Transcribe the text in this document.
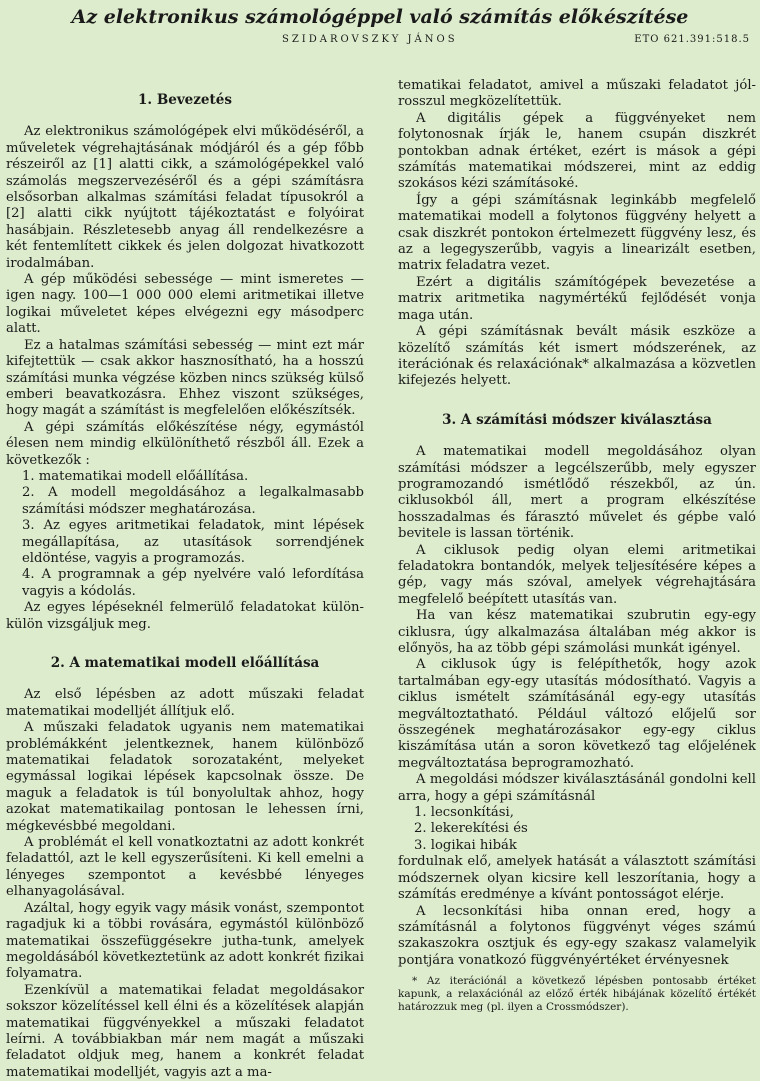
Az elektronikus számológéppel való számítás előkészítése
SZIDAROVSZKY JÁNOS	ETO 621.391:518.5
1. Bevezetés

Az elektronikus számológépek elvi működéséről, a műveletek végrehajtásának módjáról és a gép főbb részeiről az [1] alatti cikk, a számológépekkel való számolás megszervezéséről és a gépi számításra elsősorban alkalmas számítási feladat típusokról a [2] alatti cikk nyújtott tájékoztatást e folyóirat hasábjain. Részletesebb anyag áll rendelkezésre a két fentemlített cikkek és jelen dolgozat hivatkozott irodalmában.

A gép működési sebessége — mint ismeretes — igen nagy. 100—1 000 000 elemi aritmetikai illetve logikai műveletet képes elvégezni egy másodperc alatt.

Ez a hatalmas számítási sebesség — mint ezt már kifejtettük — csak akkor hasznosítható, ha a hosszú számítási munka végzése közben nincs szükség külső emberi beavatkozásra. Ehhez viszont szükséges, hogy magát a számítást is megfelelően előkészítsék.

A gépi számítás előkészítése négy, egymástól élesen nem mindig elkülöníthető részből áll. Ezek a következők :

1. matematikai modell előállítása.
2. A modell megoldásához a legalkalmasabb számítási módszer meghatározása.
3. Az egyes aritmetikai feladatok, mint lépések megállapítása, az utasítások sorrendjének eldöntése, vagyis a programozás.
4. A programnak a gép nyelvére való lefordítása vagyis a kódolás.

Az egyes lépéseknél felmerülő feladatokat külön-külön vizsgáljuk meg.

2. A matematikai modell előállítása

Az első lépésben az adott műszaki feladat matematikai modelljét állítjuk elő.

A műszaki feladatok ugyanis nem matematikai problémákként jelentkeznek, hanem különböző matematikai feladatok sorozataként, melyeket egymással logikai lépések kapcsolnak össze. De maguk a feladatok is túl bonyolultak ahhoz, hogy azokat matematikailag pontosan le lehessen írni, mégkevésbbé megoldani.

A problémát el kell vonatkoztatni az adott konkrét feladattól, azt le kell egyszerűsíteni. Ki kell emelni a lényeges szempontot a kevésbbé lényeges elhanyagolásával.

Azáltal, hogy egyik vagy másik vonást, szempontot ragadjuk ki a többi rovására, egymástól különböző matematikai összefüggésekre jutha-tunk, amelyek megoldásából következtetünk az adott konkrét fizikai folyamatra.

Ezenkívül a matematikai feladat megoldásakor sokszor közelítéssel kell élni és a közelítések alapján matematikai függvényekkel a műszaki feladatot leírni. A továbbiakban már nem magát a műszaki feladatot oldjuk meg, hanem a konkrét feladat matematikai modelljét, vagyis azt a ma-

tematikai feladatot, amivel a műszaki feladatot jól-rosszul megközelítettük.

A digitális gépek a függvényeket nem folytonosnak írják le, hanem csupán diszkrét pontokban adnak értéket, ezért is mások a gépi számítás matematikai módszerei, mint az eddig szokásos kézi számításoké.

Így a gépi számításnak leginkább megfelelő matematikai modell a folytonos függvény helyett a csak diszkrét pontokon értelmezett függvény lesz, és az a legegyszerűbb, vagyis a linearizált esetben, matrix feladatra vezet.

Ezért a digitális számítógépek bevezetése a matrix aritmetika nagymértékű fejlődését vonja maga után.

A gépi számításnak bevált másik eszköze a közelítő számítás két ismert módszerének, az iterációnak és relaxációnak* alkalmazása a közvetlen kifejezés helyett.

3. A számítási módszer kiválasztása

A matematikai modell megoldásához olyan számítási módszer a legcélszerűbb, mely egyszer programozandó ismétlődő részekből, az ún. ciklusokból áll, mert a program elkészítése hosszadalmas és fárasztó művelet és gépbe való bevitele is lassan történik.

A ciklusok pedig olyan elemi aritmetikai feladatokra bontandók, melyek teljesítésére képes a gép, vagy más szóval, amelyek végrehajtására megfelelő beépített utasítás van.

Ha van kész matematikai szubrutin egy-egy ciklusra, úgy alkalmazása általában még akkor is előnyös, ha az több gépi számolási munkát igényel.

A ciklusok úgy is felépíthetők, hogy azok tartalmában egy-egy utasítás módosítható. Vagyis a ciklus ismételt számításánál egy-egy utasítás megváltoztatható. Például változó előjelű sor összegének meghatározásakor egy-egy ciklus kiszámítása után a soron következő tag előjelének megváltoztatása beprogramozható.

A megoldási módszer kiválasztásánál gondolni kell arra, hogy a gépi számításnál

1. lecsonkítási,
2. lekerekítési és
3. logikai hibák

fordulnak elő, amelyek hatását a választott számítási módszernek olyan kicsire kell leszorítania, hogy a számítás eredménye a kívánt pontosságot elérje.

A lecsonkítási hiba onnan ered, hogy a számításnál a folytonos függvényt véges számú szakaszokra osztjuk és egy-egy szakasz valamelyik pontjára vonatkozó függvényértéket érvényesnek

* Az iterációnál a következő lépésben pontosabb értéket kapunk, a relaxációnál az előző érték hibájának közelítő értékét határozzuk meg (pl. ilyen a Crossmódszer).
